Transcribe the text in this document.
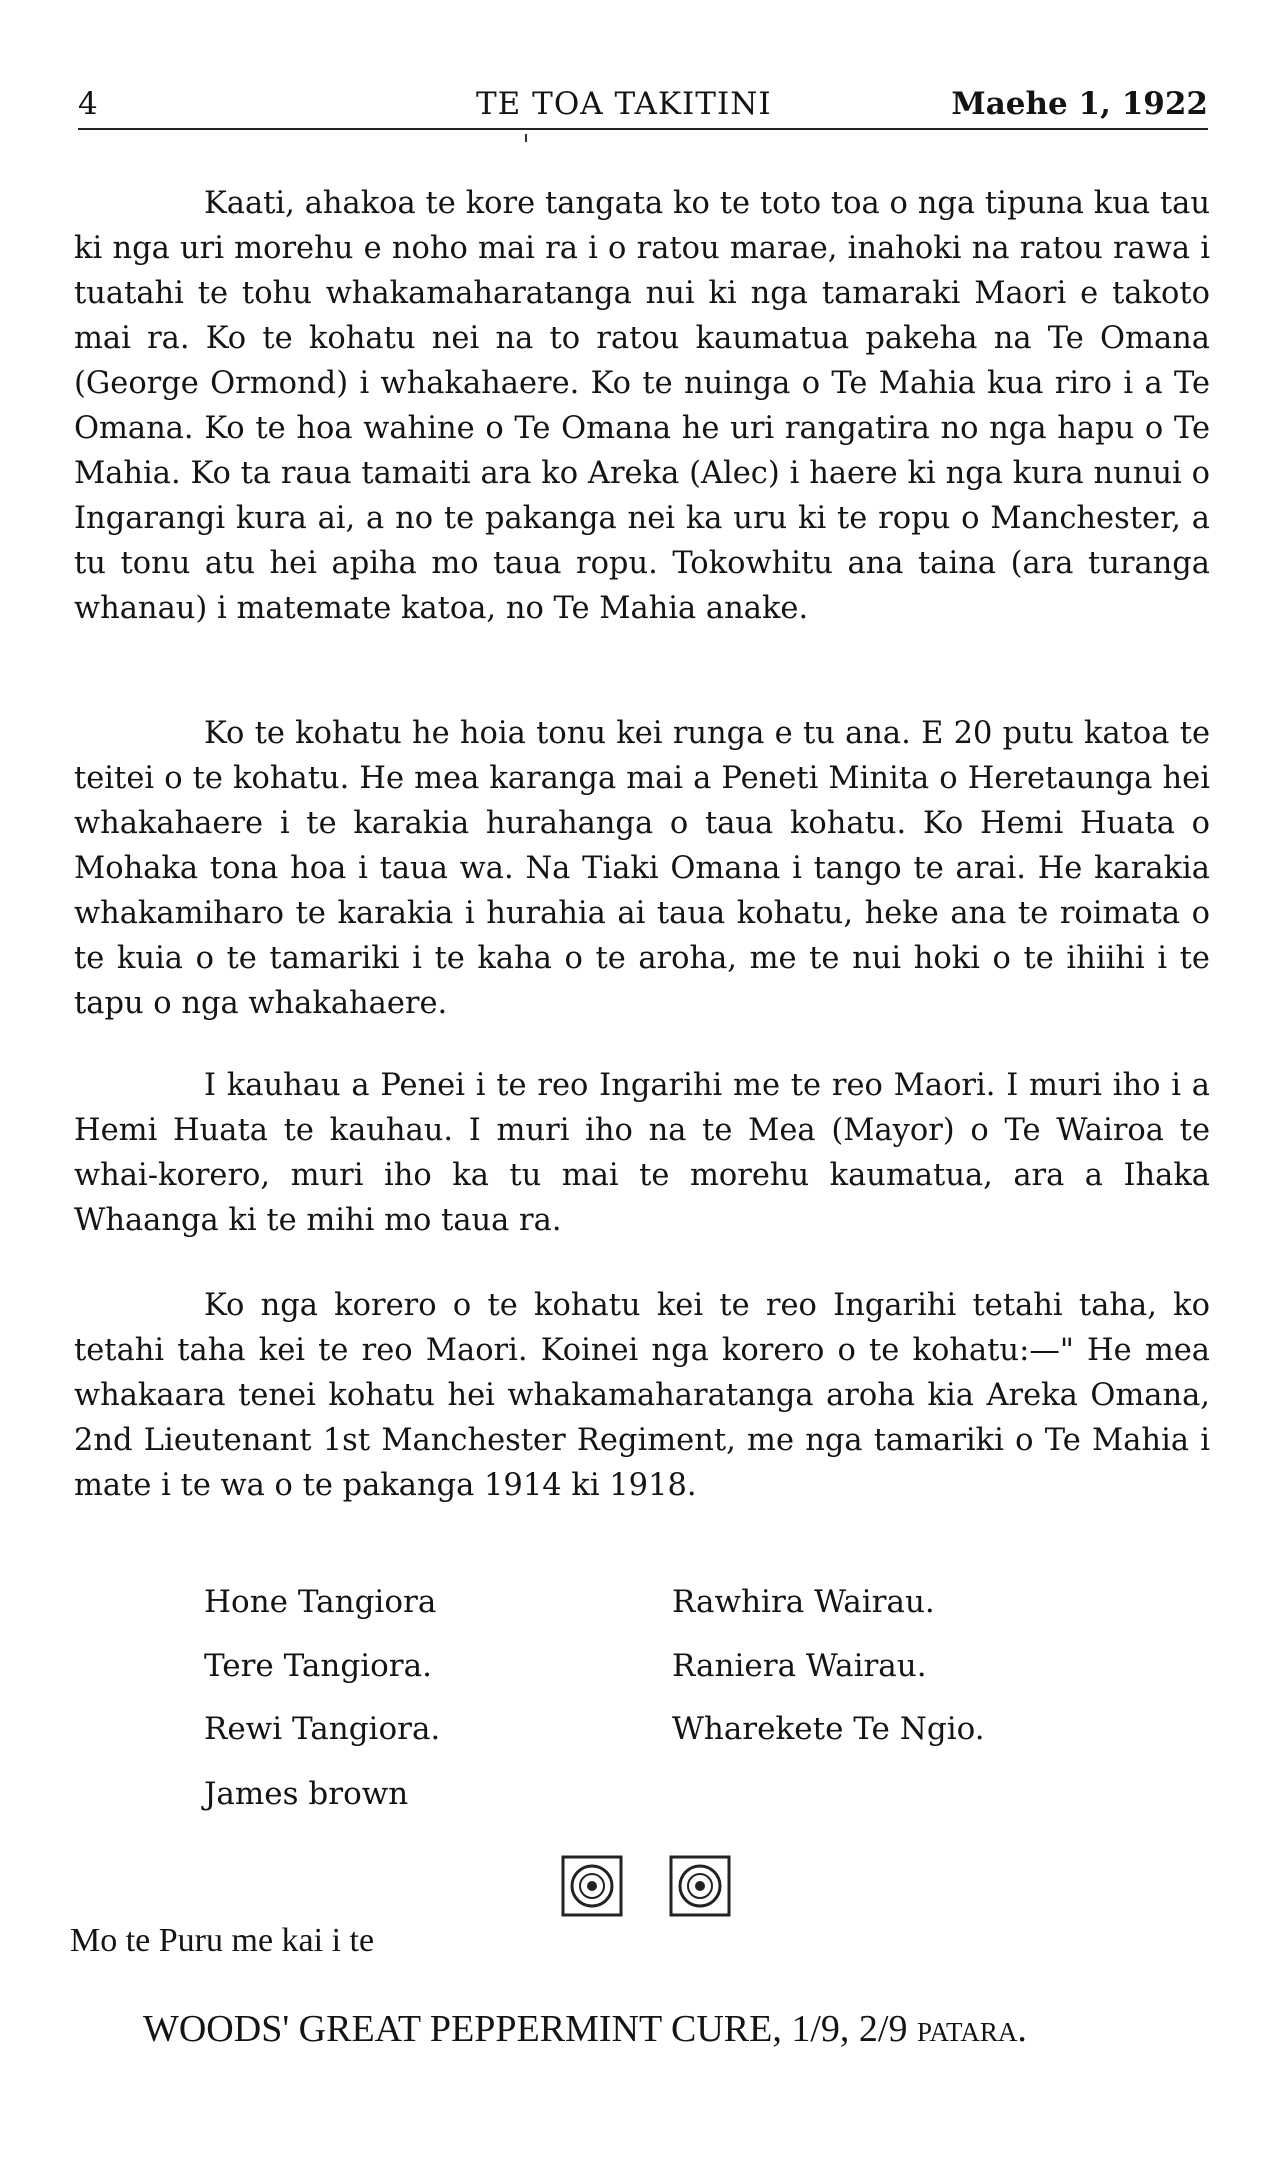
4	TE TOA TAKITINI	Maehe 1, 1922

Kaati, ahakoa te kore tangata ko te toto toa o nga tipuna kua tau ki nga uri morehu e noho mai ra i o ratou marae, inahoki na ratou rawa i tuatahi te tohu whakamaharatanga nui ki nga tamaraki Maori e takoto mai ra. Ko te kohatu nei na to ratou kaumatua pakeha na Te Omana (George Ormond) i whakahaere. Ko te nuinga o Te Mahia kua riro i a Te Omana. Ko te hoa wahine o Te Omana he uri rangatira no nga hapu o Te Mahia. Ko ta raua tamaiti ara ko Areka (Alec) i haere ki nga kura nunui o Ingarangi kura ai, a no te pakanga nei ka uru ki te ropu o Manchester, a tu tonu atu hei apiha mo taua ropu. Tokowhitu ana taina (ara turanga whanau) i matemate katoa, no Te Mahia anake.

Ko te kohatu he hoia tonu kei runga e tu ana. E 20 putu katoa te teitei o te kohatu. He mea karanga mai a Peneti Minita o Heretaunga hei whakahaere i te karakia hurahanga o taua kohatu. Ko Hemi Huata o Mohaka tona hoa i taua wa. Na Tiaki Omana i tango te arai. He karakia whakamiharo te karakia i hurahia ai taua kohatu, heke ana te roimata o te kuia o te tamariki i te kaha o te aroha, me te nui hoki o te ihiihi i te tapu o nga whakahaere.

I kauhau a Penei i te reo Ingarihi me te reo Maori. I muri iho i a Hemi Huata te kauhau. I muri iho na te Mea (Mayor) o Te Wairoa te whai-korero, muri iho ka tu mai te morehu kaumatua, ara a Ihaka Whaanga ki te mihi mo taua ra.

Ko nga korero o te kohatu kei te reo Ingarihi tetahi taha, ko tetahi taha kei te reo Maori. Koinei nga korero o te kohatu:—" He mea whakaara tenei kohatu hei whakamaharatanga aroha kia Areka Omana, 2nd Lieutenant 1st Manchester Regiment, me nga tamariki o Te Mahia i mate i te wa o te pakanga 1914 ki 1918.

Hone Tangiora
Tere Tangiora.
Rewi Tangiora.
James brown
Rawhira Wairau.
Raniera Wairau.
Wharekete Te Ngio.
Mo te Puru me kai i te
WOODS' GREAT PEPPERMINT CURE, 1/9, 2/9 patara.
